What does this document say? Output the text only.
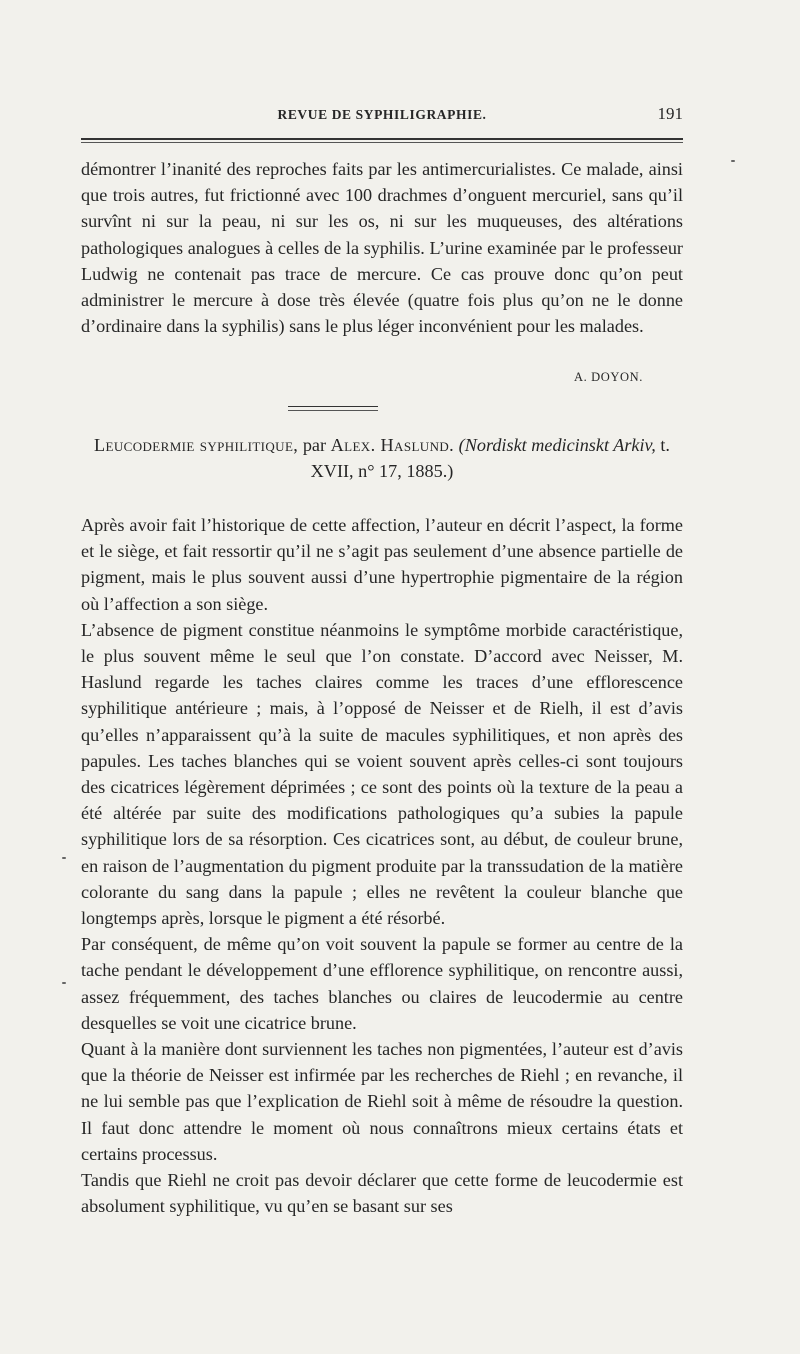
REVUE DE SYPHILIGRAPHIE.	191

démontrer l’inanité des reproches faits par les antimercurialistes. Ce malade, ainsi que trois autres, fut frictionné avec 100 drachmes d’onguent mercuriel, sans qu’il survînt ni sur la peau, ni sur les os, ni sur les muqueuses, des altérations pathologiques analogues à celles de la syphilis. L’urine examinée par le professeur Ludwig ne contenait pas trace de mercure. Ce cas prouve donc qu’on peut administrer le mercure à dose très élevée (quatre fois plus qu’on ne le donne d’ordinaire dans la syphilis) sans le plus léger inconvénient pour les malades.

A. DOYON.
Leucodermie syphilitique, par Alex. Haslund. (Nordiskt medicinskt Arkiv, t. XVII, n° 17, 1885.)

Après avoir fait l’historique de cette affection, l’auteur en décrit l’aspect, la forme et le siège, et fait ressortir qu’il ne s’agit pas seulement d’une absence partielle de pigment, mais le plus souvent aussi d’une hypertrophie pigmentaire de la région où l’affection a son siège.

L’absence de pigment constitue néanmoins le symptôme morbide caractéristique, le plus souvent même le seul que l’on constate. D’accord avec Neisser, M. Haslund regarde les taches claires comme les traces d’une efflorescence syphilitique antérieure ; mais, à l’opposé de Neisser et de Rielh, il est d’avis qu’elles n’apparaissent qu’à la suite de macules syphilitiques, et non après des papules. Les taches blanches qui se voient souvent après celles-ci sont toujours des cicatrices légèrement déprimées ; ce sont des points où la texture de la peau a été altérée par suite des modifications pathologiques qu’a subies la papule syphilitique lors de sa résorption. Ces cicatrices sont, au début, de couleur brune, en raison de l’augmentation du pigment produite par la transsudation de la matière colorante du sang dans la papule ; elles ne revêtent la couleur blanche que longtemps après, lorsque le pigment a été résorbé.

Par conséquent, de même qu’on voit souvent la papule se former au centre de la tache pendant le développement d’une efflorence syphilitique, on rencontre aussi, assez fréquemment, des taches blanches ou claires de leucodermie au centre desquelles se voit une cicatrice brune.

Quant à la manière dont surviennent les taches non pigmentées, l’auteur est d’avis que la théorie de Neisser est infirmée par les recherches de Riehl ; en revanche, il ne lui semble pas que l’explication de Riehl soit à même de résoudre la question. Il faut donc attendre le moment où nous connaîtrons mieux certains états et certains processus.

Tandis que Riehl ne croit pas devoir déclarer que cette forme de leucodermie est absolument syphilitique, vu qu’en se basant sur ses
